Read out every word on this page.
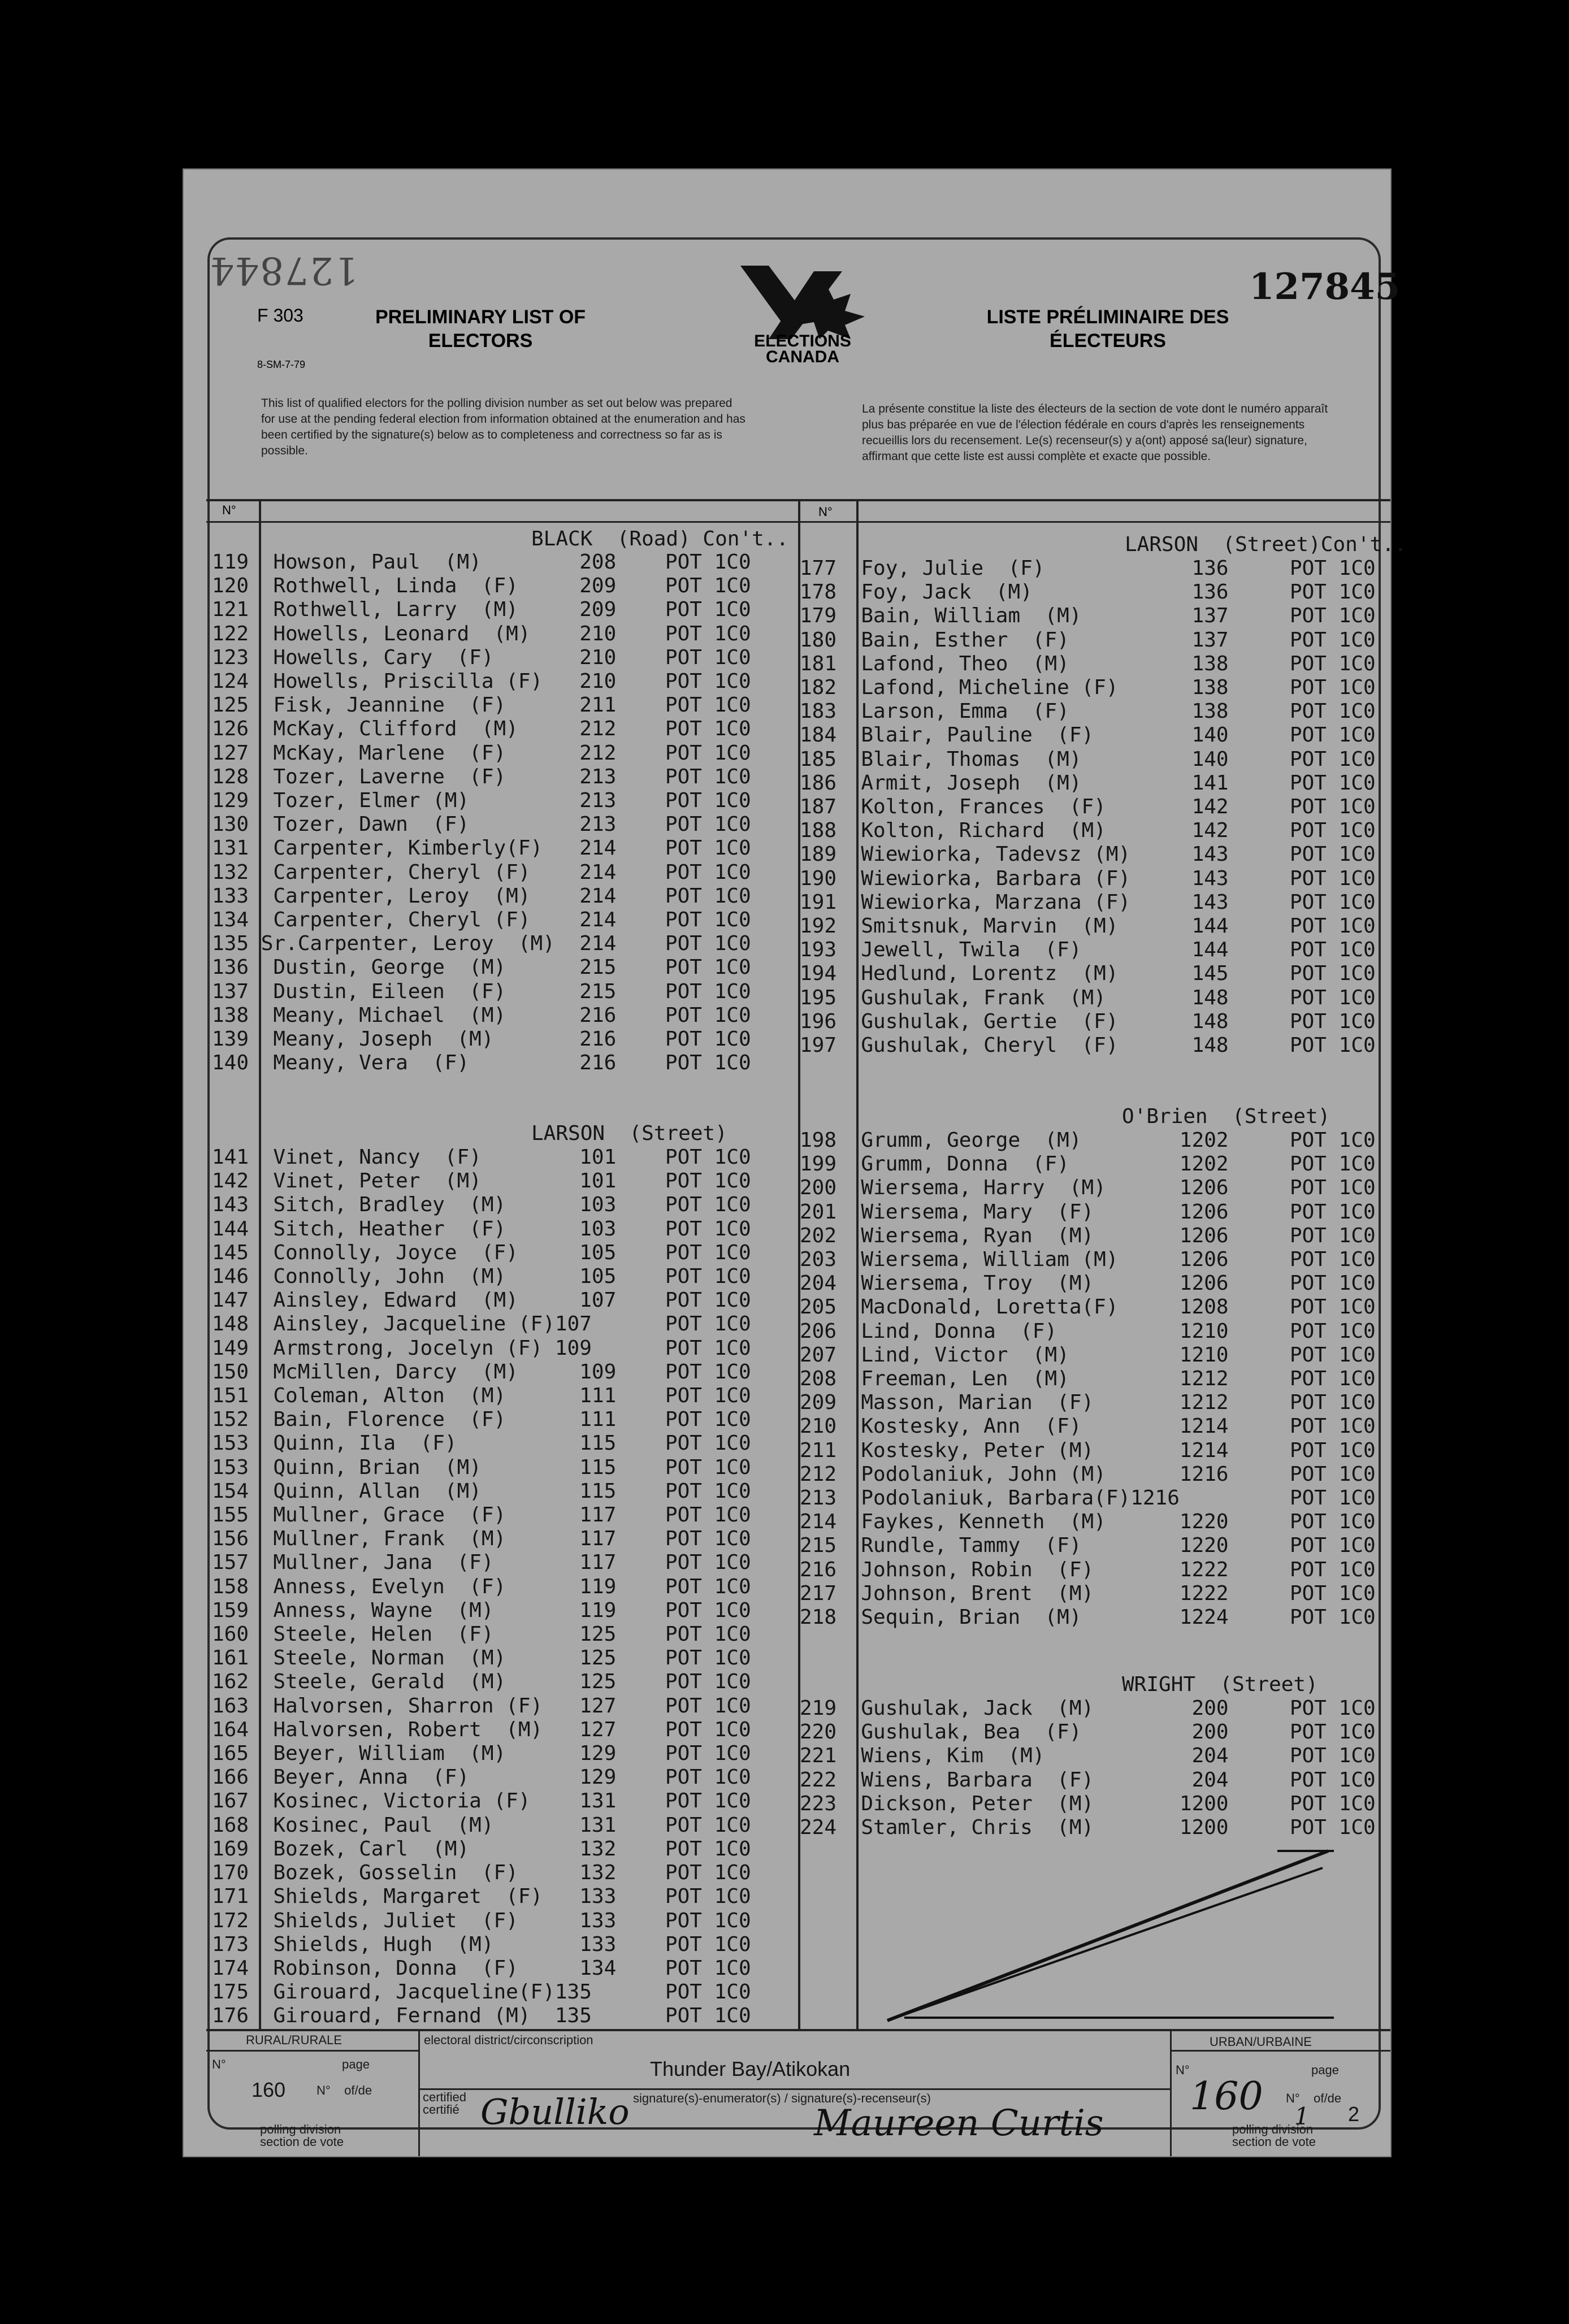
127844	127845
F 303
8-SM-7-79
PRELIMINARY LIST OF
ELECTORS
LISTE PRÉLIMINAIRE DES
ÉLECTEURS
ELECTIONS
CANADA
This list of qualified electors for the polling division number as set out below was prepared for use at the pending federal election from information obtained at the enumeration and has been certified by the signature(s) below as to completeness and correctness so far as is possible.
La présente constitue la liste des électeurs de la section de vote dont le numéro apparaît plus bas préparée en vue de l'élection fédérale en cours d'après les renseignements recueillis lors du recensement. Le(s) recenseur(s) y a(ont) apposé sa(leur) signature, affirmant que cette liste est aussi complète et exacte que possible.
N°	N°
BLACK  (Road) Con't..
119  Howson, Paul  (M)        208    POT 1C0
120  Rothwell, Linda  (F)     209    POT 1C0
121  Rothwell, Larry  (M)     209    POT 1C0
122  Howells, Leonard  (M)    210    POT 1C0
123  Howells, Cary  (F)       210    POT 1C0
124  Howells, Priscilla (F)   210    POT 1C0
125  Fisk, Jeannine  (F)      211    POT 1C0
126  McKay, Clifford  (M)     212    POT 1C0
127  McKay, Marlene  (F)      212    POT 1C0
128  Tozer, Laverne  (F)      213    POT 1C0
129  Tozer, Elmer (M)         213    POT 1C0
130  Tozer, Dawn  (F)         213    POT 1C0
131  Carpenter, Kimberly(F)   214    POT 1C0
132  Carpenter, Cheryl (F)    214    POT 1C0
133  Carpenter, Leroy  (M)    214    POT 1C0
134  Carpenter, Cheryl (F)    214    POT 1C0
135 Sr.Carpenter, Leroy  (M)  214    POT 1C0
136  Dustin, George  (M)      215    POT 1C0
137  Dustin, Eileen  (F)      215    POT 1C0
138  Meany, Michael  (M)      216    POT 1C0
139  Meany, Joseph  (M)       216    POT 1C0
140  Meany, Vera  (F)         216    POT 1C0
LARSON  (Street)
141  Vinet, Nancy  (F)        101    POT 1C0
142  Vinet, Peter  (M)        101    POT 1C0
143  Sitch, Bradley  (M)      103    POT 1C0
144  Sitch, Heather  (F)      103    POT 1C0
145  Connolly, Joyce  (F)     105    POT 1C0
146  Connolly, John  (M)      105    POT 1C0
147  Ainsley, Edward  (M)     107    POT 1C0
148  Ainsley, Jacqueline (F)107      POT 1C0
149  Armstrong, Jocelyn (F) 109      POT 1C0
150  McMillen, Darcy  (M)     109    POT 1C0
151  Coleman, Alton  (M)      111    POT 1C0
152  Bain, Florence  (F)      111    POT 1C0
153  Quinn, Ila  (F)          115    POT 1C0
153  Quinn, Brian  (M)        115    POT 1C0
154  Quinn, Allan  (M)        115    POT 1C0
155  Mullner, Grace  (F)      117    POT 1C0
156  Mullner, Frank  (M)      117    POT 1C0
157  Mullner, Jana  (F)       117    POT 1C0
158  Anness, Evelyn  (F)      119    POT 1C0
159  Anness, Wayne  (M)       119    POT 1C0
160  Steele, Helen  (F)       125    POT 1C0
161  Steele, Norman  (M)      125    POT 1C0
162  Steele, Gerald  (M)      125    POT 1C0
163  Halvorsen, Sharron (F)   127    POT 1C0
164  Halvorsen, Robert  (M)   127    POT 1C0
165  Beyer, William  (M)      129    POT 1C0
166  Beyer, Anna  (F)         129    POT 1C0
167  Kosinec, Victoria (F)    131    POT 1C0
168  Kosinec, Paul  (M)       131    POT 1C0
169  Bozek, Carl  (M)         132    POT 1C0
170  Bozek, Gosselin  (F)     132    POT 1C0
171  Shields, Margaret  (F)   133    POT 1C0
172  Shields, Juliet  (F)     133    POT 1C0
173  Shields, Hugh  (M)       133    POT 1C0
174  Robinson, Donna  (F)     134    POT 1C0
175  Girouard, Jacqueline(F)135      POT 1C0
176  Girouard, Fernand (M)  135      POT 1C0
LARSON  (Street)Con't..
177  Foy, Julie  (F)            136     POT 1C0
178  Foy, Jack  (M)             136     POT 1C0
179  Bain, William  (M)         137     POT 1C0
180  Bain, Esther  (F)          137     POT 1C0
181  Lafond, Theo  (M)          138     POT 1C0
182  Lafond, Micheline (F)      138     POT 1C0
183  Larson, Emma  (F)          138     POT 1C0
184  Blair, Pauline  (F)        140     POT 1C0
185  Blair, Thomas  (M)         140     POT 1C0
186  Armit, Joseph  (M)         141     POT 1C0
187  Kolton, Frances  (F)       142     POT 1C0
188  Kolton, Richard  (M)       142     POT 1C0
189  Wiewiorka, Tadevsz (M)     143     POT 1C0
190  Wiewiorka, Barbara (F)     143     POT 1C0
191  Wiewiorka, Marzana (F)     143     POT 1C0
192  Smitsnuk, Marvin  (M)      144     POT 1C0
193  Jewell, Twila  (F)         144     POT 1C0
194  Hedlund, Lorentz  (M)      145     POT 1C0
195  Gushulak, Frank  (M)       148     POT 1C0
196  Gushulak, Gertie  (F)      148     POT 1C0
197  Gushulak, Cheryl  (F)      148     POT 1C0
O'Brien  (Street)
198  Grumm, George  (M)        1202     POT 1C0
199  Grumm, Donna  (F)         1202     POT 1C0
200  Wiersema, Harry  (M)      1206     POT 1C0
201  Wiersema, Mary  (F)       1206     POT 1C0
202  Wiersema, Ryan  (M)       1206     POT 1C0
203  Wiersema, William (M)     1206     POT 1C0
204  Wiersema, Troy  (M)       1206     POT 1C0
205  MacDonald, Loretta(F)     1208     POT 1C0
206  Lind, Donna  (F)          1210     POT 1C0
207  Lind, Victor  (M)         1210     POT 1C0
208  Freeman, Len  (M)         1212     POT 1C0
209  Masson, Marian  (F)       1212     POT 1C0
210  Kostesky, Ann  (F)        1214     POT 1C0
211  Kostesky, Peter (M)       1214     POT 1C0
212  Podolaniuk, John (M)      1216     POT 1C0
213  Podolaniuk, Barbara(F)1216         POT 1C0
214  Faykes, Kenneth  (M)      1220     POT 1C0
215  Rundle, Tammy  (F)        1220     POT 1C0
216  Johnson, Robin  (F)       1222     POT 1C0
217  Johnson, Brent  (M)       1222     POT 1C0
218  Sequin, Brian  (M)        1224     POT 1C0
WRIGHT  (Street)
219  Gushulak, Jack  (M)        200     POT 1C0
220  Gushulak, Bea  (F)         200     POT 1C0
221  Wiens, Kim  (M)            204     POT 1C0
222  Wiens, Barbara  (F)        204     POT 1C0
223  Dickson, Peter  (M)       1200     POT 1C0
224  Stamler, Chris  (M)       1200     POT 1C0
RURAL/RURALE	URBAN/URBAINE
N°	page
N°    of/de
160
polling division
section de vote
electoral district/circonscription
Thunder Bay/Atikokan
certified
certifié
signature(s)-enumerator(s) / signature(s)-recenseur(s)
Gbulliko	Maureen Curtis
N°	page
160 N°    of/de
1 2
polling division
section de vote
